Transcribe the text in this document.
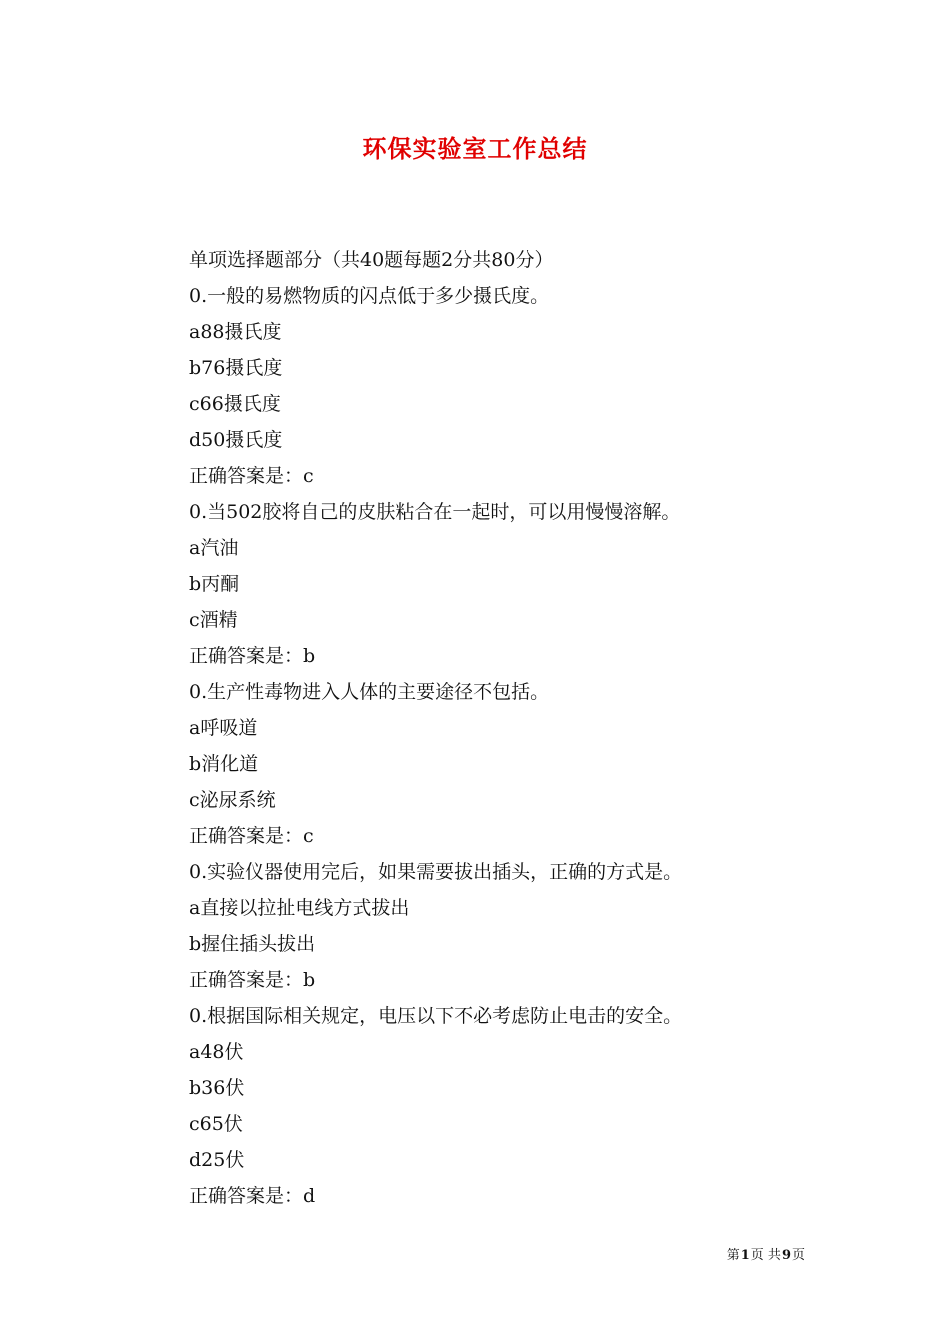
环保实验室工作总结
单项选择题部分（共40题每题2分共80分）
0.一般的易燃物质的闪点低于多少摄氏度。
a88摄氏度
b76摄氏度
c66摄氏度
d50摄氏度
正确答案是：c
0.当502胶将自己的皮肤粘合在一起时，可以用慢慢溶解。
a汽油
b丙酮
c酒精
正确答案是：b
0.生产性毒物进入人体的主要途径不包括。
a呼吸道
b消化道
c泌尿系统
正确答案是：c
0.实验仪器使用完后，如果需要拔出插头，正确的方式是。
a直接以拉扯电线方式拔出
b握住插头拔出
正确答案是：b
0.根据国际相关规定，电压以下不必考虑防止电击的安全。
a48伏
b36伏
c65伏
d25伏
正确答案是：d
第1页 共9页
